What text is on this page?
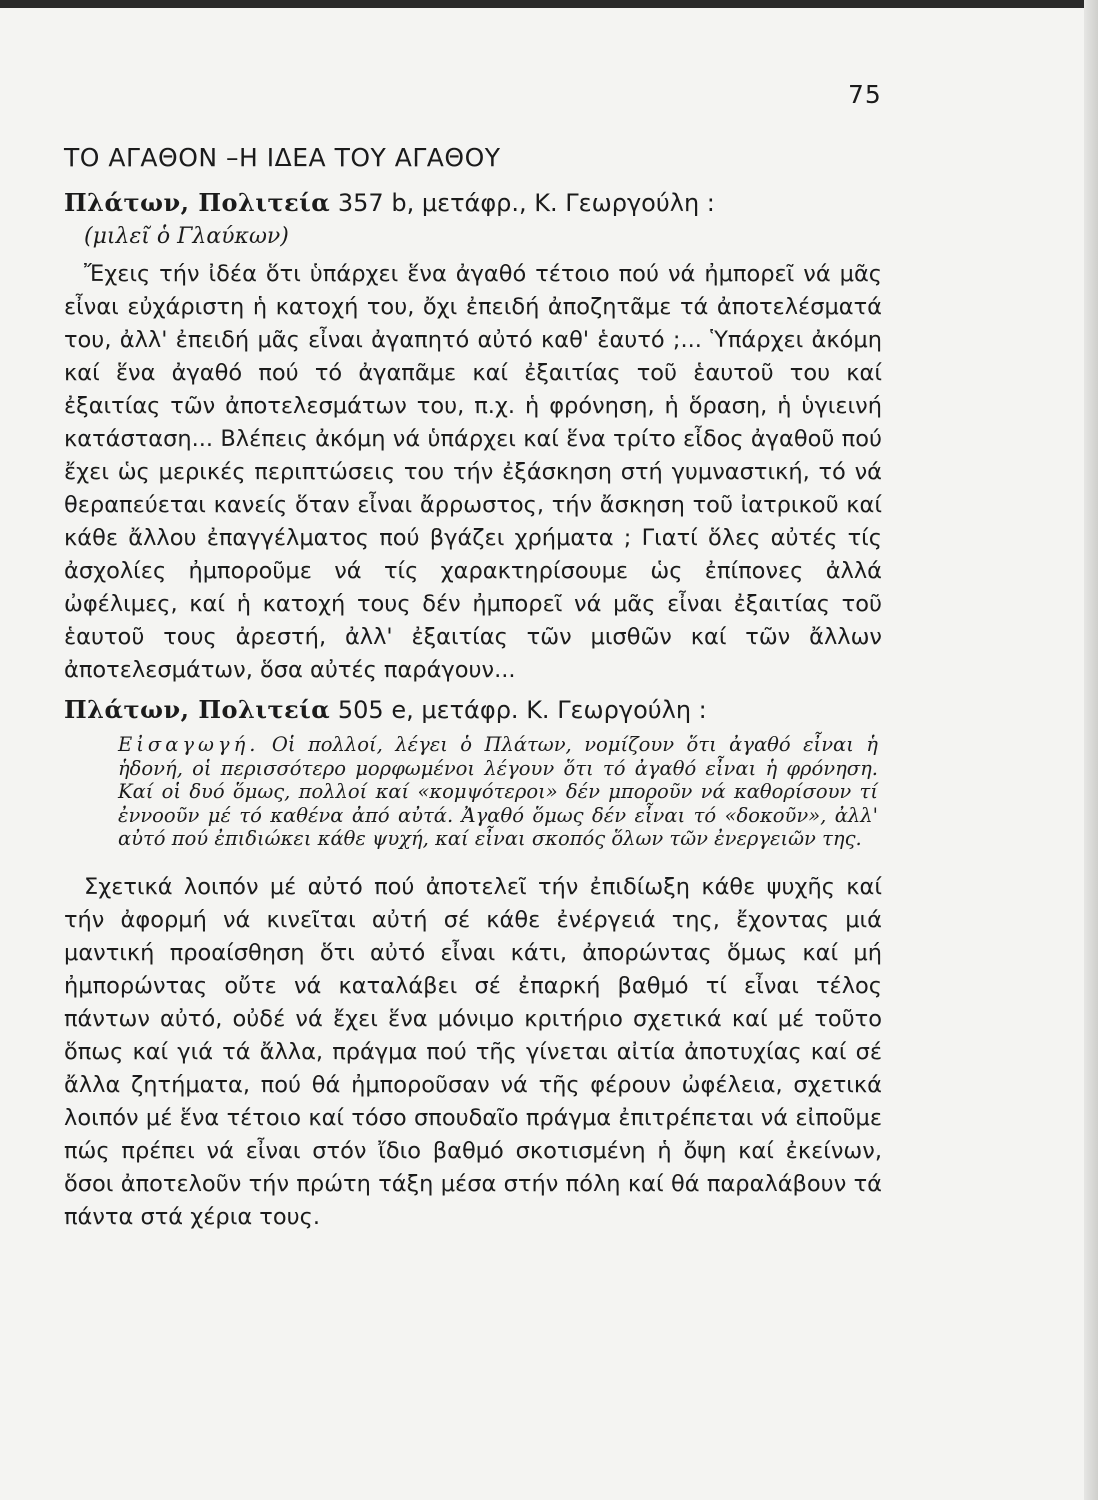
75
ΤΟ ΑΓΑΘΟΝ –Η ΙΔΕΑ ΤΟΥ ΑΓΑΘΟΥ

Πλάτων, Πολιτεία 357 b, μετάφρ., Κ. Γεωργούλη :

(μιλεῖ ὁ Γλαύκων)

Ἔχεις τήν ἰδέα ὅτι ὑπάρχει ἕνα ἀγαθό τέτοιο πού νά ἠμπορεῖ νά μᾶς εἶναι εὐχάριστη ἡ κατοχή του, ὄχι ἐπειδή ἀποζητᾶμε τά ἀποτελέσματά του, ἀλλ' ἐπειδή μᾶς εἶναι ἀγαπητό αὐτό καθ' ἑαυτό ;... Ὑπάρχει ἀκόμη καί ἕνα ἀγαθό πού τό ἀγαπᾶμε καί ἐξαιτίας τοῦ ἑαυτοῦ του καί ἐξαιτίας τῶν ἀποτελεσμάτων του, π.χ. ἡ φρόνηση, ἡ ὅραση, ἡ ὑγιεινή κατάσταση... Βλέπεις ἀκόμη νά ὑπάρχει καί ἕνα τρίτο εἶδος ἀγαθοῦ πού ἔχει ὡς μερικές περιπτώσεις του τήν ἐξάσκηση στή γυμναστική, τό νά θεραπεύεται κανείς ὅταν εἶναι ἄρρωστος, τήν ἄσκηση τοῦ ἰατρικοῦ καί κάθε ἄλλου ἐπαγγέλματος πού βγάζει χρήματα ; Γιατί ὅλες αὐτές τίς ἀσχολίες ἠμποροῦμε νά τίς χαρακτηρίσουμε ὡς ἐπίπονες ἀλλά ὠφέλιμες, καί ἡ κατοχή τους δέν ἠμπορεῖ νά μᾶς εἶναι ἐξαιτίας τοῦ ἑαυτοῦ τους ἀρεστή, ἀλλ' ἐξαιτίας τῶν μισθῶν καί τῶν ἄλλων ἀποτελεσμάτων, ὅσα αὐτές παράγουν...

Πλάτων, Πολιτεία 505 e, μετάφρ. Κ. Γεωργούλη :

Εἰσαγωγή. Οἱ πολλοί, λέγει ὁ Πλάτων, νομίζουν ὅτι ἀγαθό εἶναι ἡ ἡδονή, οἱ περισσότερο μορφωμένοι λέγουν ὅτι τό ἀγαθό εἶναι ἡ φρόνηση. Καί οἱ δυό ὅμως, πολλοί καί «κομψότεροι» δέν μποροῦν νά καθορίσουν τί ἐννοοῦν μέ τό καθένα ἀπό αὐτά. Ἀγαθό ὅμως δέν εἶναι τό «δοκοῦν», ἀλλ' αὐτό πού ἐπιδιώκει κάθε ψυχή, καί εἶναι σκοπός ὅλων τῶν ἐνεργειῶν της.

Σχετικά λοιπόν μέ αὐτό πού ἀποτελεῖ τήν ἐπιδίωξη κάθε ψυχῆς καί τήν ἀφορμή νά κινεῖται αὐτή σέ κάθε ἐνέργειά της, ἔχοντας μιά μαντική προαίσθηση ὅτι αὐτό εἶναι κάτι, ἀπορώντας ὅμως καί μή ἠμπορώντας οὔτε νά καταλάβει σέ ἐπαρκή βαθμό τί εἶναι τέλος πάντων αὐτό, οὐδέ νά ἔχει ἕνα μόνιμο κριτήριο σχετικά καί μέ τοῦτο ὅπως καί γιά τά ἄλλα, πράγμα πού τῆς γίνεται αἰτία ἀποτυχίας καί σέ ἄλλα ζητήματα, πού θά ἠμποροῦσαν νά τῆς φέρουν ὠφέλεια, σχετικά λοιπόν μέ ἕνα τέτοιο καί τόσο σπουδαῖο πράγμα ἐπιτρέπεται νά εἰποῦμε πώς πρέπει νά εἶναι στόν ἴδιο βαθμό σκοτισμένη ἡ ὄψη καί ἐκείνων, ὅσοι ἀποτελοῦν τήν πρώτη τάξη μέσα στήν πόλη καί θά παραλάβουν τά πάντα στά χέρια τους.
